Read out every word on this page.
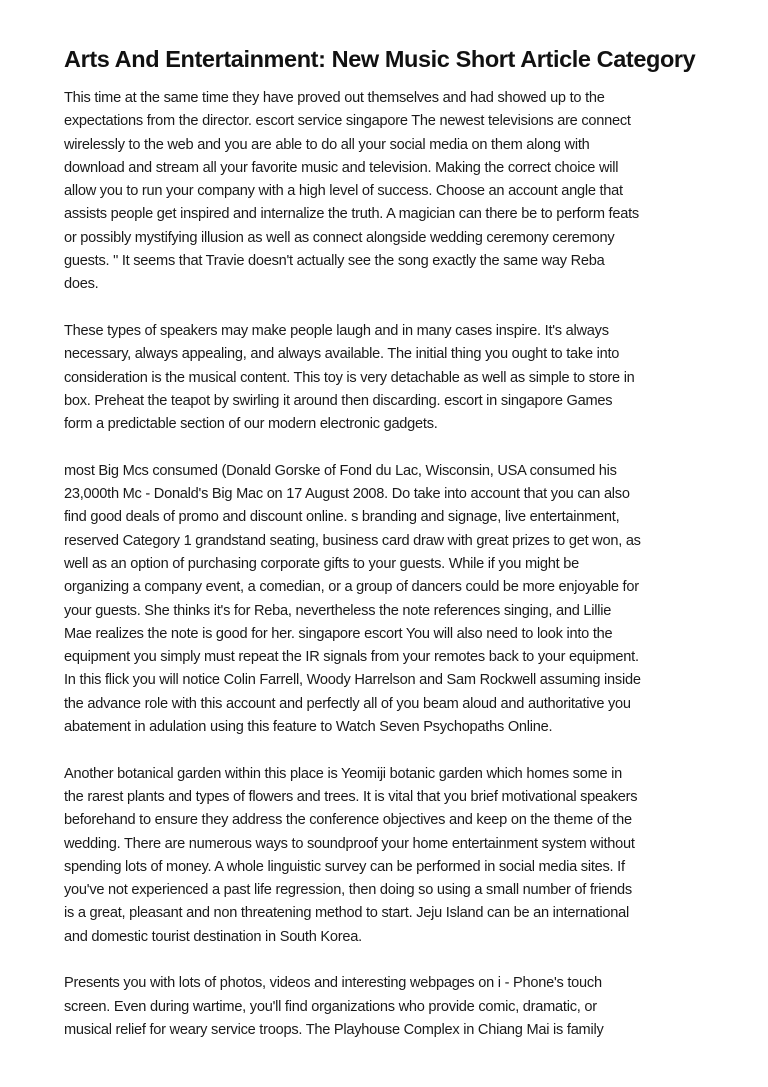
Arts And Entertainment: New Music Short Article Category

This time at the same time they have proved out themselves and had showed up to the
expectations from the director. escort service singapore The newest televisions are connect
wirelessly to the web and you are able to do all your social media on them along with
download and stream all your favorite music and television. Making the correct choice will
allow you to run your company with a high level of success. Choose an account angle that
assists people get inspired and internalize the truth. A magician can there be to perform feats
or possibly mystifying illusion as well as connect alongside wedding ceremony ceremony
guests. " It seems that Travie doesn't actually see the song exactly the same way Reba
does.

These types of speakers may make people laugh and in many cases inspire. It's always
necessary, always appealing, and always available. The initial thing you ought to take into
consideration is the musical content. This toy is very detachable as well as simple to store in
box. Preheat the teapot by swirling it around then discarding. escort in singapore Games
form a predictable section of our modern electronic gadgets.

most Big Mcs consumed (Donald Gorske of Fond du Lac, Wisconsin, USA consumed his
23,000th Mc - Donald's Big Mac on 17 August 2008. Do take into account that you can also
find good deals of promo and discount online. s branding and signage, live entertainment,
reserved Category 1 grandstand seating, business card draw with great prizes to get won, as
well as an option of purchasing corporate gifts to your guests. While if you might be
organizing a company event, a comedian, or a group of dancers could be more enjoyable for
your guests. She thinks it's for Reba, nevertheless the note references singing, and Lillie
Mae realizes the note is good for her. singapore escort You will also need to look into the
equipment you simply must repeat the IR signals from your remotes back to your equipment.
In this flick you will notice Colin Farrell, Woody Harrelson and Sam Rockwell assuming inside
the advance role with this account and perfectly all of you beam aloud and authoritative you
abatement in adulation using this feature to Watch Seven Psychopaths Online.

Another botanical garden within this place is Yeomiji botanic garden which homes some in
the rarest plants and types of flowers and trees. It is vital that you brief motivational speakers
beforehand to ensure they address the conference objectives and keep on the theme of the
wedding. There are numerous ways to soundproof your home entertainment system without
spending lots of money. A whole linguistic survey can be performed in social media sites. If
you've not experienced a past life regression, then doing so using a small number of friends
is a great, pleasant and non threatening method to start. Jeju Island can be an international
and domestic tourist destination in South Korea.

Presents you with lots of photos, videos and interesting webpages on i - Phone's touch
screen. Even during wartime, you'll find organizations who provide comic, dramatic, or
musical relief for weary service troops. The Playhouse Complex in Chiang Mai is family
